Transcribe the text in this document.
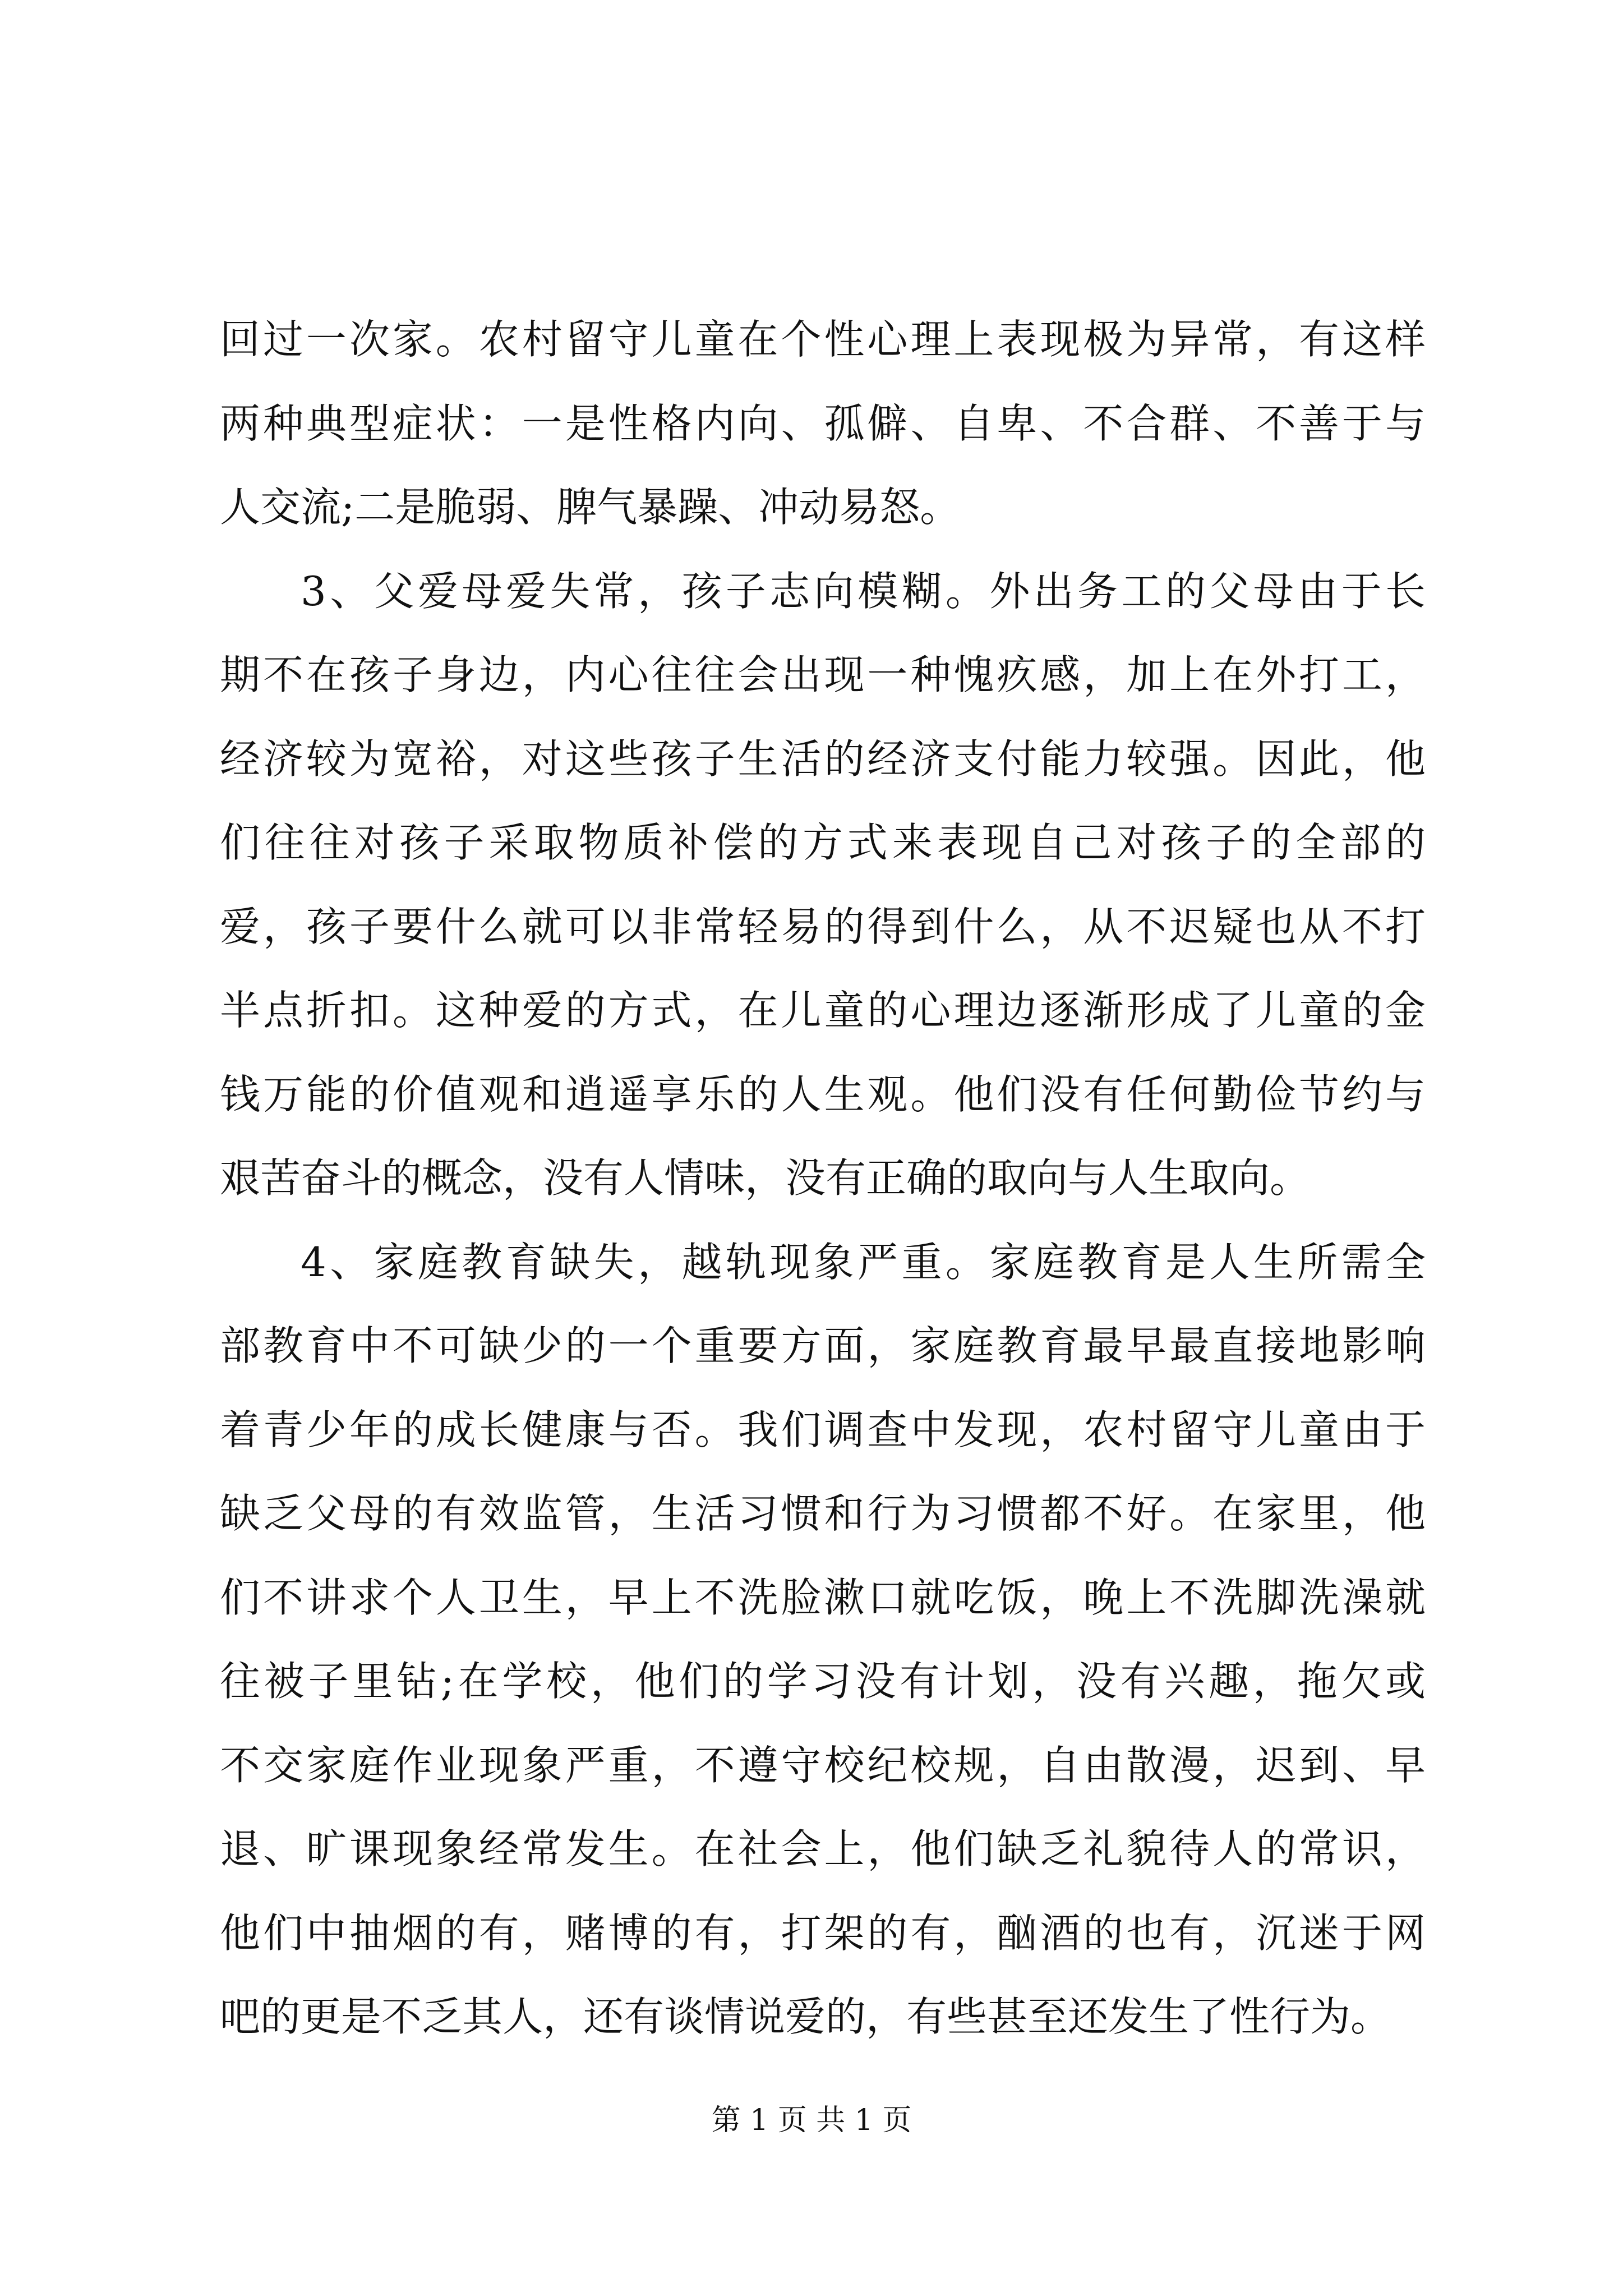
回过一次家。农村留守儿童在个性心理上表现极为异常，有这样
两种典型症状：一是性格内向、孤僻、自卑、不合群、不善于与
人交流;二是脆弱、脾气暴躁、冲动易怒。
3、父爱母爱失常，孩子志向模糊。外出务工的父母由于长
期不在孩子身边，内心往往会出现一种愧疚感，加上在外打工，
经济较为宽裕，对这些孩子生活的经济支付能力较强。因此，他
们往往对孩子采取物质补偿的方式来表现自己对孩子的全部的
爱，孩子要什么就可以非常轻易的得到什么，从不迟疑也从不打
半点折扣。这种爱的方式，在儿童的心理边逐渐形成了儿童的金
钱万能的价值观和逍遥享乐的人生观。他们没有任何勤俭节约与
艰苦奋斗的概念，没有人情味，没有正确的取向与人生取向。
4、家庭教育缺失，越轨现象严重。家庭教育是人生所需全
部教育中不可缺少的一个重要方面，家庭教育最早最直接地影响
着青少年的成长健康与否。我们调查中发现，农村留守儿童由于
缺乏父母的有效监管，生活习惯和行为习惯都不好。在家里，他
们不讲求个人卫生，早上不洗脸漱口就吃饭，晚上不洗脚洗澡就
往被子里钻;在学校，他们的学习没有计划，没有兴趣，拖欠或
不交家庭作业现象严重，不遵守校纪校规，自由散漫，迟到、早
退、旷课现象经常发生。在社会上，他们缺乏礼貌待人的常识，
他们中抽烟的有，赌博的有，打架的有，酗酒的也有，沉迷于网
吧的更是不乏其人，还有谈情说爱的，有些甚至还发生了性行为。
第 1 页 共 1 页
